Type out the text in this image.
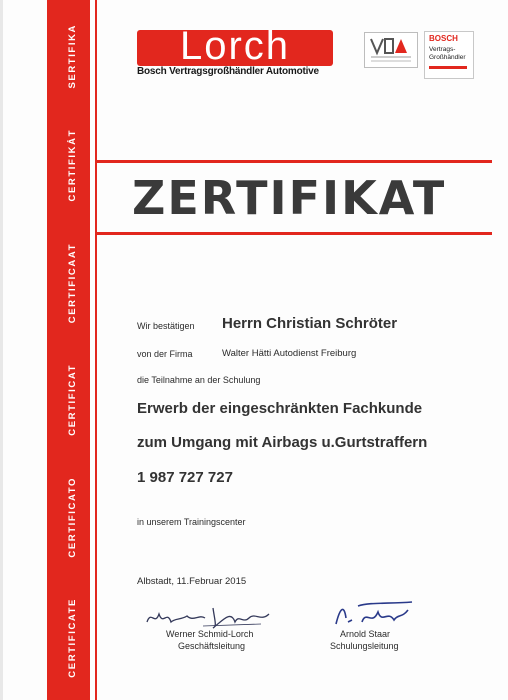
CERTIFICATE
CERTIFICATO
CERTIFICAT
CERTIFICAAT
CERTIFIKÁT
SERTIFIKA	Lorch
Bosch Vertragsgroßhändler Automotive
BOSCH
Vertrags-
Großhändler
ZERTIFIKAT
Wir bestätigen Herrn Christian Schröter
von der Firma	Walter Hätti Autodienst Freiburg
die Teilnahme an der Schulung
Erwerb der eingeschränkten Fachkunde
zum Umgang mit Airbags u.Gurtstraffern
1 987 727 727
in unserem Trainingscenter
Albstadt, 11.Februar 2015
Werner Schmid-Lorch
Geschäftsleitung
Arnold Staar
Schulungsleitung
